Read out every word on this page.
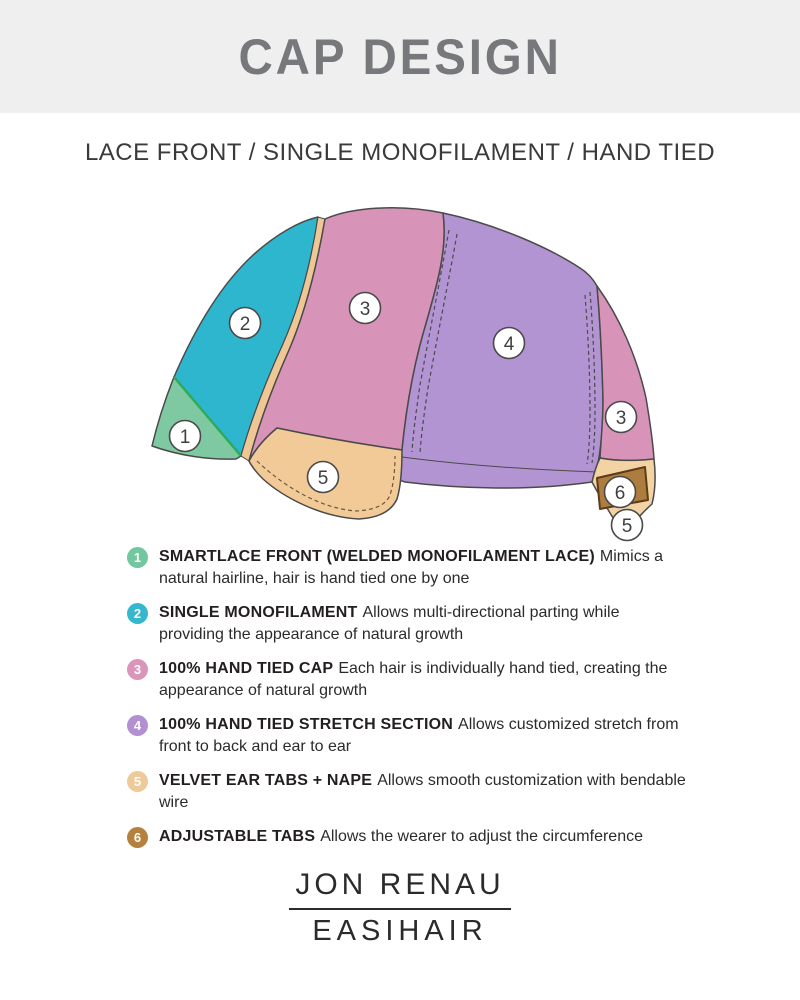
CAP DESIGN
LACE FRONT / SINGLE MONOFILAMENT / HAND TIED
1
2
3
4
3
5
6
5
1	SMARTLACE FRONT (WELDED MONOFILAMENT LACE) Mimics a natural hairline, hair is hand tied one by one

2	SINGLE MONOFILAMENT Allows multi-directional parting while providing the appearance of natural growth

3	100% HAND TIED CAP Each hair is individually hand tied, creating the appearance of natural growth

4	100% HAND TIED STRETCH SECTION Allows customized stretch from front to back and ear to ear

5	VELVET EAR TABS + NAPE Allows smooth customization with bendable wire

6	ADJUSTABLE TABS Allows the wearer to adjust the circumference

JON RENAU
EASIHAIR
